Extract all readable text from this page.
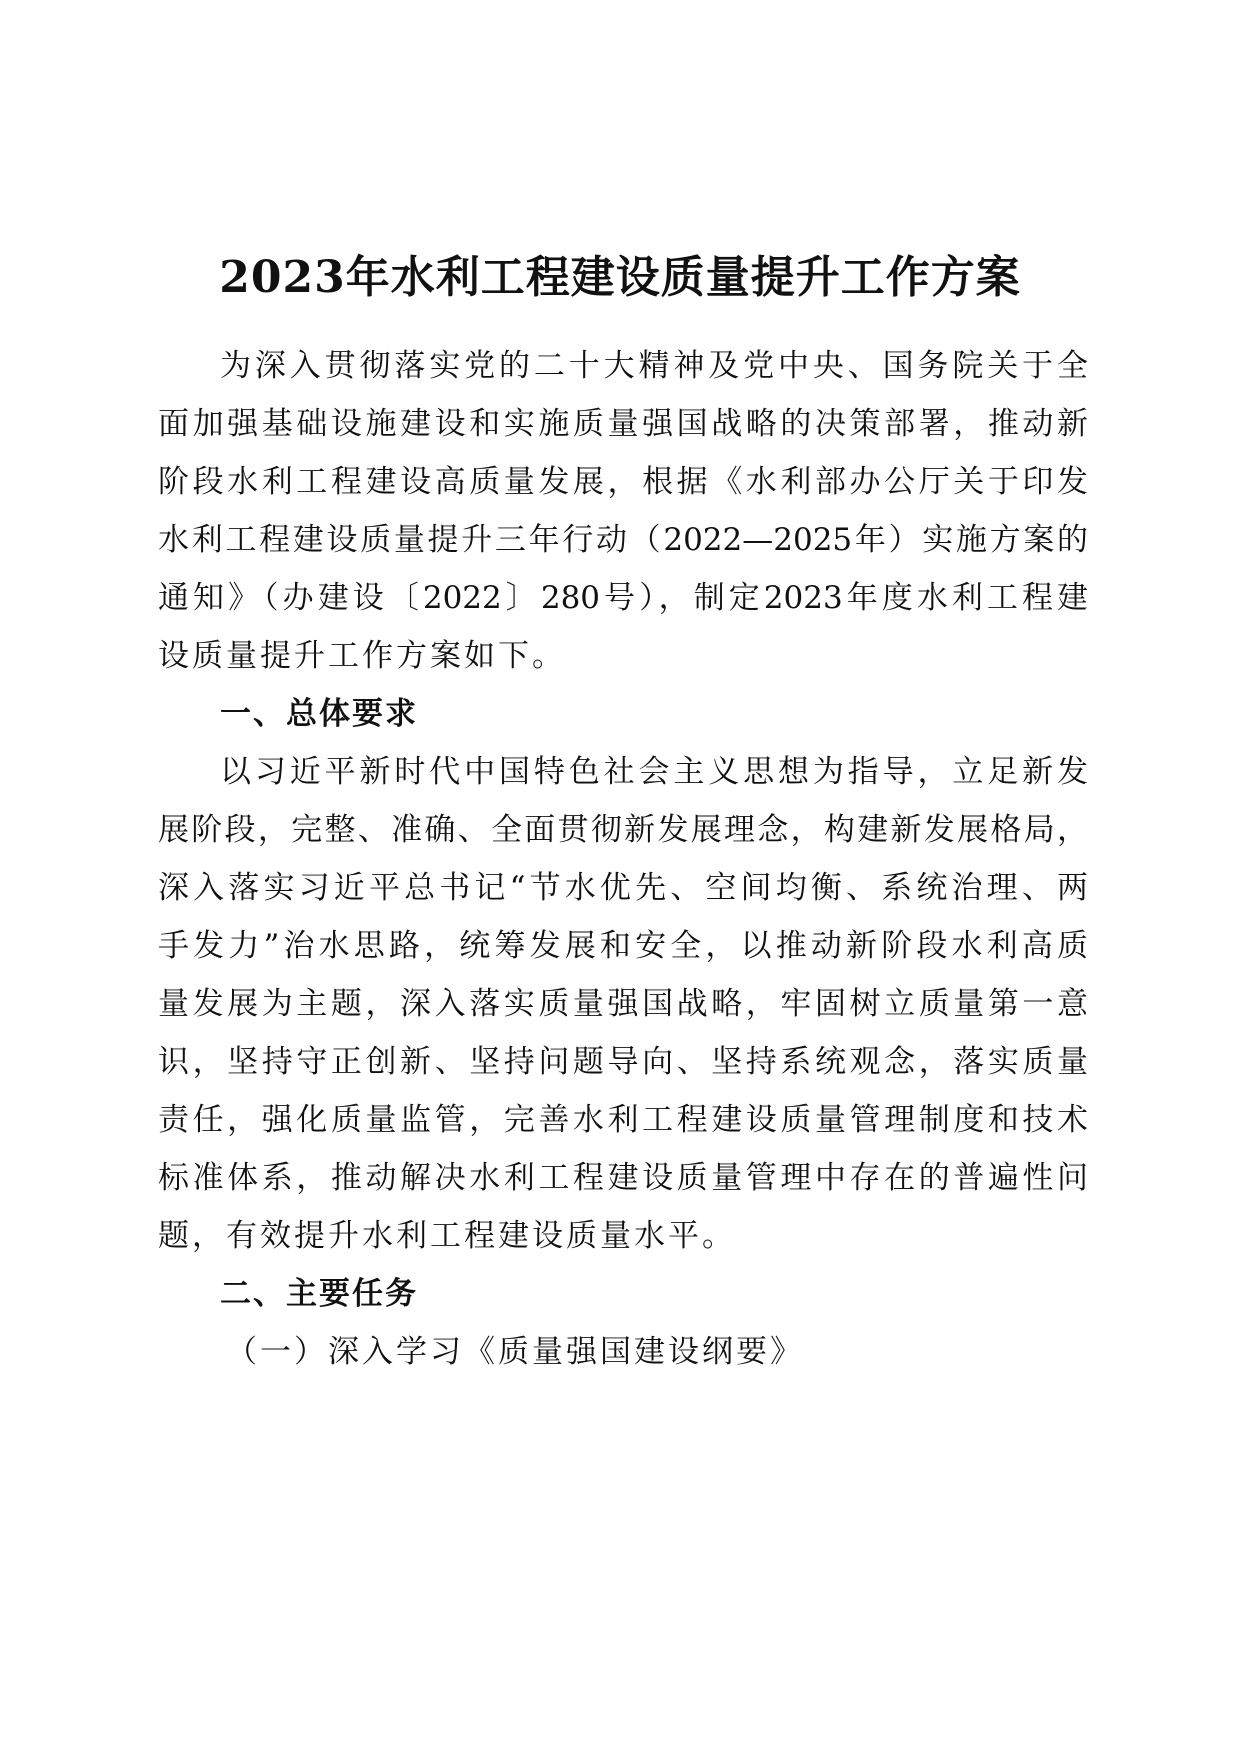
2023年水利工程建设质量提升工作方案
为深入贯彻落实党的二十大精神及党中央、国务院关于全
面加强基础设施建设和实施质量强国战略的决策部署，推动新
阶段水利工程建设高质量发展，根据《水利部办公厅关于印发
水利工程建设质量提升三年行动（2022—2025年）实施方案的
通知》（办建设〔2022〕280号），制定2023年度水利工程建
设质量提升工作方案如下。
一、总体要求
以习近平新时代中国特色社会主义思想为指导，立足新发
展阶段，完整、准确、全面贯彻新发展理念，构建新发展格局，
深入落实习近平总书记“节水优先、空间均衡、系统治理、两
手发力”治水思路，统筹发展和安全，以推动新阶段水利高质
量发展为主题，深入落实质量强国战略，牢固树立质量第一意
识，坚持守正创新、坚持问题导向、坚持系统观念，落实质量
责任，强化质量监管，完善水利工程建设质量管理制度和技术
标准体系，推动解决水利工程建设质量管理中存在的普遍性问
题，有效提升水利工程建设质量水平。
二、主要任务
（一）深入学习《质量强国建设纲要》
